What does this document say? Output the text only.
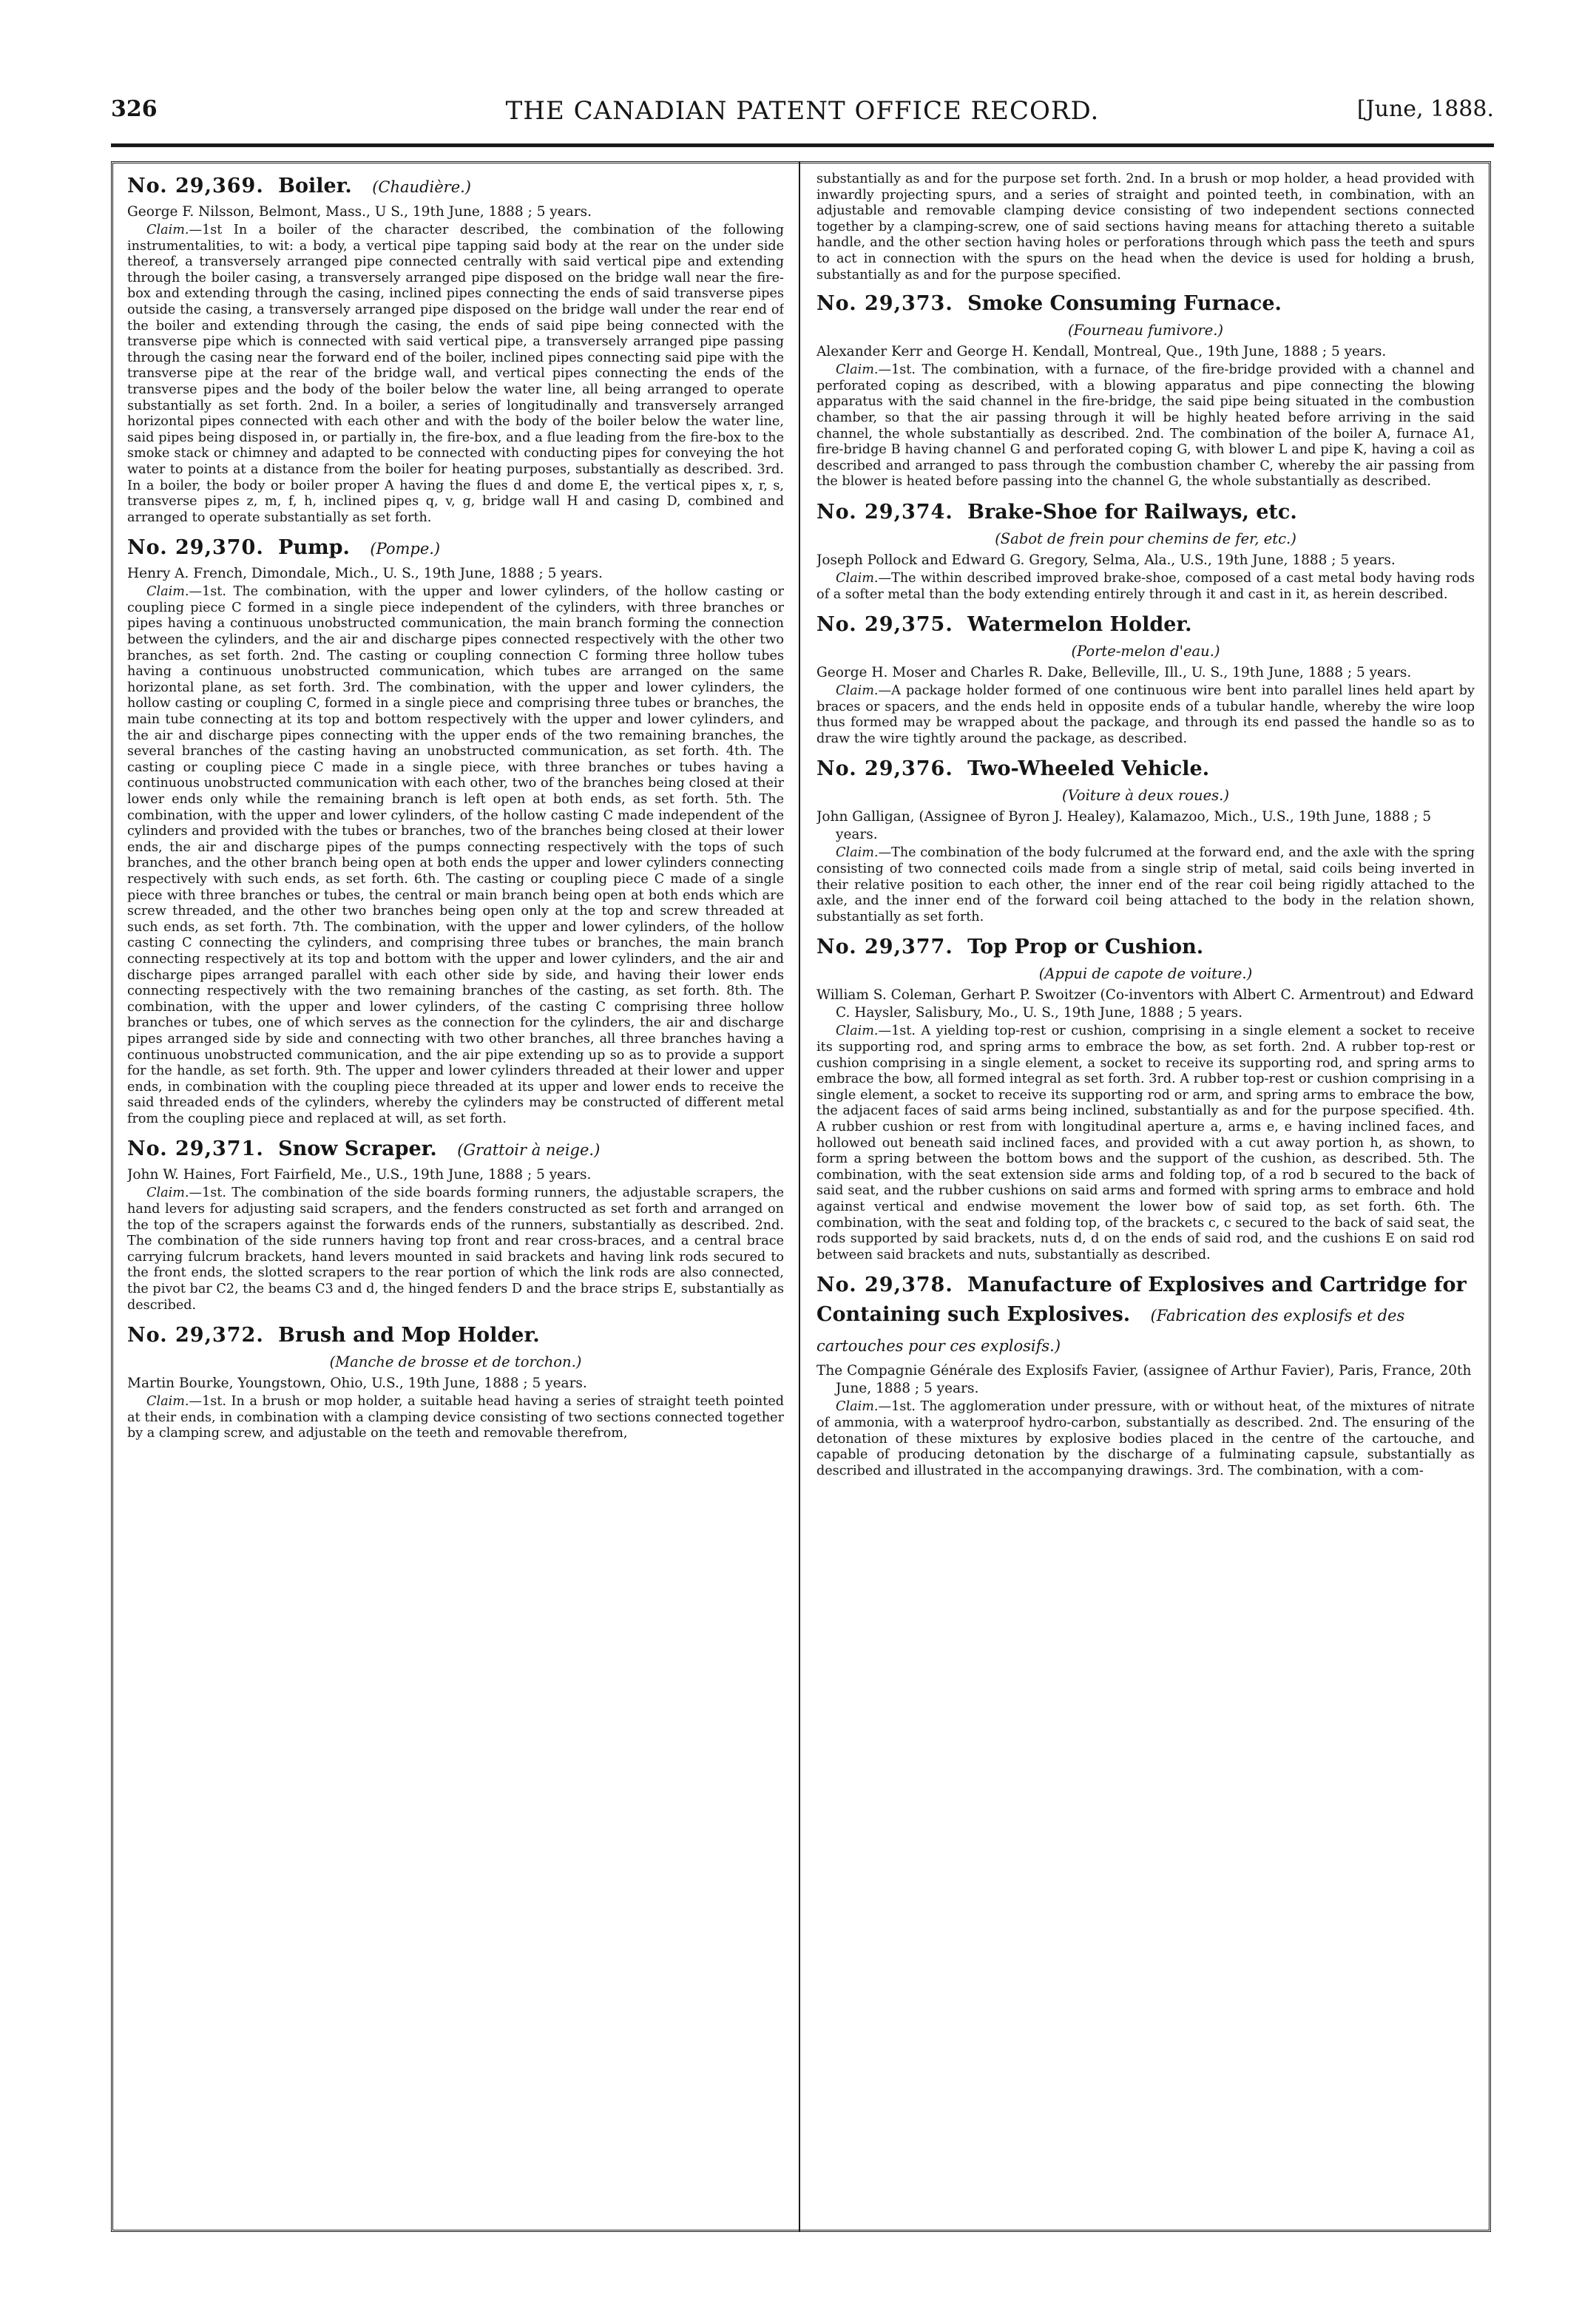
326	THE CANADIAN PATENT OFFICE RECORD.	[June, 1888.
No. 29,369. Boiler. (Chaudière.)

George F. Nilsson, Belmont, Mass., U S., 19th June, 1888 ; 5 years.

Claim.—1st In a boiler of the character described, the combination of the following instrumentalities, to wit: a body, a vertical pipe tapping said body at the rear on the under side thereof, a transversely arranged pipe connected centrally with said vertical pipe and extending through the boiler casing, a transversely arranged pipe disposed on the bridge wall near the fire-box and extending through the casing, inclined pipes connecting the ends of said transverse pipes outside the casing, a transversely arranged pipe disposed on the bridge wall under the rear end of the boiler and extending through the casing, the ends of said pipe being connected with the transverse pipe which is connected with said vertical pipe, a transversely arranged pipe passing through the casing near the forward end of the boiler, inclined pipes connecting said pipe with the transverse pipe at the rear of the bridge wall, and vertical pipes connecting the ends of the transverse pipes and the body of the boiler below the water line, all being arranged to operate substantially as set forth. 2nd. In a boiler, a series of longitudinally and transversely arranged horizontal pipes connected with each other and with the body of the boiler below the water line, said pipes being disposed in, or partially in, the fire-box, and a flue leading from the fire-box to the smoke stack or chimney and adapted to be connected with conducting pipes for conveying the hot water to points at a distance from the boiler for heating purposes, substantially as described. 3rd. In a boiler, the body or boiler proper A having the flues d and dome E, the vertical pipes x, r, s, transverse pipes z, m, f, h, inclined pipes q, v, g, bridge wall H and casing D, combined and arranged to operate substantially as set forth.

No. 29,370. Pump. (Pompe.)

Henry A. French, Dimondale, Mich., U. S., 19th June, 1888 ; 5 years.

Claim.—1st. The combination, with the upper and lower cylinders, of the hollow casting or coupling piece C formed in a single piece independent of the cylinders, with three branches or pipes having a continuous unobstructed communication, the main branch forming the connection between the cylinders, and the air and discharge pipes connected respectively with the other two branches, as set forth. 2nd. The casting or coupling connection C forming three hollow tubes having a continuous unobstructed communication, which tubes are arranged on the same horizontal plane, as set forth. 3rd. The combination, with the upper and lower cylinders, the hollow casting or coupling C, formed in a single piece and comprising three tubes or branches, the main tube connecting at its top and bottom respectively with the upper and lower cylinders, and the air and discharge pipes connecting with the upper ends of the two remaining branches, the several branches of the casting having an unobstructed communication, as set forth. 4th. The casting or coupling piece C made in a single piece, with three branches or tubes having a continuous unobstructed communication with each other, two of the branches being closed at their lower ends only while the remaining branch is left open at both ends, as set forth. 5th. The combination, with the upper and lower cylinders, of the hollow casting C made independent of the cylinders and provided with the tubes or branches, two of the branches being closed at their lower ends, the air and discharge pipes of the pumps connecting respectively with the tops of such branches, and the other branch being open at both ends the upper and lower cylinders connecting respectively with such ends, as set forth. 6th. The casting or coupling piece C made of a single piece with three branches or tubes, the central or main branch being open at both ends which are screw threaded, and the other two branches being open only at the top and screw threaded at such ends, as set forth. 7th. The combination, with the upper and lower cylinders, of the hollow casting C connecting the cylinders, and comprising three tubes or branches, the main branch connecting respectively at its top and bottom with the upper and lower cylinders, and the air and discharge pipes arranged parallel with each other side by side, and having their lower ends connecting respectively with the two remaining branches of the casting, as set forth. 8th. The combination, with the upper and lower cylinders, of the casting C comprising three hollow branches or tubes, one of which serves as the connection for the cylinders, the air and discharge pipes arranged side by side and connecting with two other branches, all three branches having a continuous unobstructed communication, and the air pipe extending up so as to provide a support for the handle, as set forth. 9th. The upper and lower cylinders threaded at their lower and upper ends, in combination with the coupling piece threaded at its upper and lower ends to receive the said threaded ends of the cylinders, whereby the cylinders may be constructed of different metal from the coupling piece and replaced at will, as set forth.

No. 29,371. Snow Scraper. (Grattoir à neige.)

John W. Haines, Fort Fairfield, Me., U.S., 19th June, 1888 ; 5 years.

Claim.—1st. The combination of the side boards forming runners, the adjustable scrapers, the hand levers for adjusting said scrapers, and the fenders constructed as set forth and arranged on the top of the scrapers against the forwards ends of the runners, substantially as described. 2nd. The combination of the side runners having top front and rear cross-braces, and a central brace carrying fulcrum brackets, hand levers mounted in said brackets and having link rods secured to the front ends, the slotted scrapers to the rear portion of which the link rods are also connected, the pivot bar C2, the beams C3 and d, the hinged fenders D and the brace strips E, substantially as described.

No. 29,372. Brush and Mop Holder.
(Manche de brosse et de torchon.)

Martin Bourke, Youngstown, Ohio, U.S., 19th June, 1888 ; 5 years.

Claim.—1st. In a brush or mop holder, a suitable head having a series of straight teeth pointed at their ends, in combination with a clamping device consisting of two sections connected together by a clamping screw, and adjustable on the teeth and removable therefrom,

substantially as and for the purpose set forth. 2nd. In a brush or mop holder, a head provided with inwardly projecting spurs, and a series of straight and pointed teeth, in combination, with an adjustable and removable clamping device consisting of two independent sections connected together by a clamping-screw, one of said sections having means for attaching thereto a suitable handle, and the other section having holes or perforations through which pass the teeth and spurs to act in connection with the spurs on the head when the device is used for holding a brush, substantially as and for the purpose specified.

No. 29,373. Smoke Consuming Furnace.
(Fourneau fumivore.)

Alexander Kerr and George H. Kendall, Montreal, Que., 19th June, 1888 ; 5 years.

Claim.—1st. The combination, with a furnace, of the fire-bridge provided with a channel and perforated coping as described, with a blowing apparatus and pipe connecting the blowing apparatus with the said channel in the fire-bridge, the said pipe being situated in the combustion chamber, so that the air passing through it will be highly heated before arriving in the said channel, the whole substantially as described. 2nd. The combination of the boiler A, furnace A1, fire-bridge B having channel G and perforated coping G, with blower L and pipe K, having a coil as described and arranged to pass through the combustion chamber C, whereby the air passing from the blower is heated before passing into the channel G, the whole substantially as described.

No. 29,374. Brake-Shoe for Railways, etc.
(Sabot de frein pour chemins de fer, etc.)

Joseph Pollock and Edward G. Gregory, Selma, Ala., U.S., 19th June, 1888 ; 5 years.

Claim.—The within described improved brake-shoe, composed of a cast metal body having rods of a softer metal than the body extending entirely through it and cast in it, as herein described.

No. 29,375. Watermelon Holder.
(Porte-melon d'eau.)

George H. Moser and Charles R. Dake, Belleville, Ill., U. S., 19th June, 1888 ; 5 years.

Claim.—A package holder formed of one continuous wire bent into parallel lines held apart by braces or spacers, and the ends held in opposite ends of a tubular handle, whereby the wire loop thus formed may be wrapped about the package, and through its end passed the handle so as to draw the wire tightly around the package, as described.

No. 29,376. Two-Wheeled Vehicle.
(Voiture à deux roues.)

John Galligan, (Assignee of Byron J. Healey), Kalamazoo, Mich., U.S., 19th June, 1888 ; 5 years.

Claim.—The combination of the body fulcrumed at the forward end, and the axle with the spring consisting of two connected coils made from a single strip of metal, said coils being inverted in their relative position to each other, the inner end of the rear coil being rigidly attached to the axle, and the inner end of the forward coil being attached to the body in the relation shown, substantially as set forth.

No. 29,377. Top Prop or Cushion.
(Appui de capote de voiture.)

William S. Coleman, Gerhart P. Swoitzer (Co-inventors with Albert C. Armentrout) and Edward C. Haysler, Salisbury, Mo., U. S., 19th June, 1888 ; 5 years.

Claim.—1st. A yielding top-rest or cushion, comprising in a single element a socket to receive its supporting rod, and spring arms to embrace the bow, as set forth. 2nd. A rubber top-rest or cushion comprising in a single element, a socket to receive its supporting rod, and spring arms to embrace the bow, all formed integral as set forth. 3rd. A rubber top-rest or cushion comprising in a single element, a socket to receive its supporting rod or arm, and spring arms to embrace the bow, the adjacent faces of said arms being inclined, substantially as and for the purpose specified. 4th. A rubber cushion or rest from with longitudinal aperture a, arms e, e having inclined faces, and hollowed out beneath said inclined faces, and provided with a cut away portion h, as shown, to form a spring between the bottom bows and the support of the cushion, as described. 5th. The combination, with the seat extension side arms and folding top, of a rod b secured to the back of said seat, and the rubber cushions on said arms and formed with spring arms to embrace and hold against vertical and endwise movement the lower bow of said top, as set forth. 6th. The combination, with the seat and folding top, of the brackets c, c secured to the back of said seat, the rods supported by said brackets, nuts d, d on the ends of said rod, and the cushions E on said rod between said brackets and nuts, substantially as described.

No. 29,378. Manufacture of Explosives and Cartridge for Containing such Explosives. (Fabrication des explosifs et des cartouches pour ces explosifs.)

The Compagnie Générale des Explosifs Favier, (assignee of Arthur Favier), Paris, France, 20th June, 1888 ; 5 years.

Claim.—1st. The agglomeration under pressure, with or without heat, of the mixtures of nitrate of ammonia, with a waterproof hydro-carbon, substantially as described. 2nd. The ensuring of the detonation of these mixtures by explosive bodies placed in the centre of the cartouche, and capable of producing detonation by the discharge of a fulminating capsule, substantially as described and illustrated in the accompanying drawings. 3rd. The combination, with a com-
